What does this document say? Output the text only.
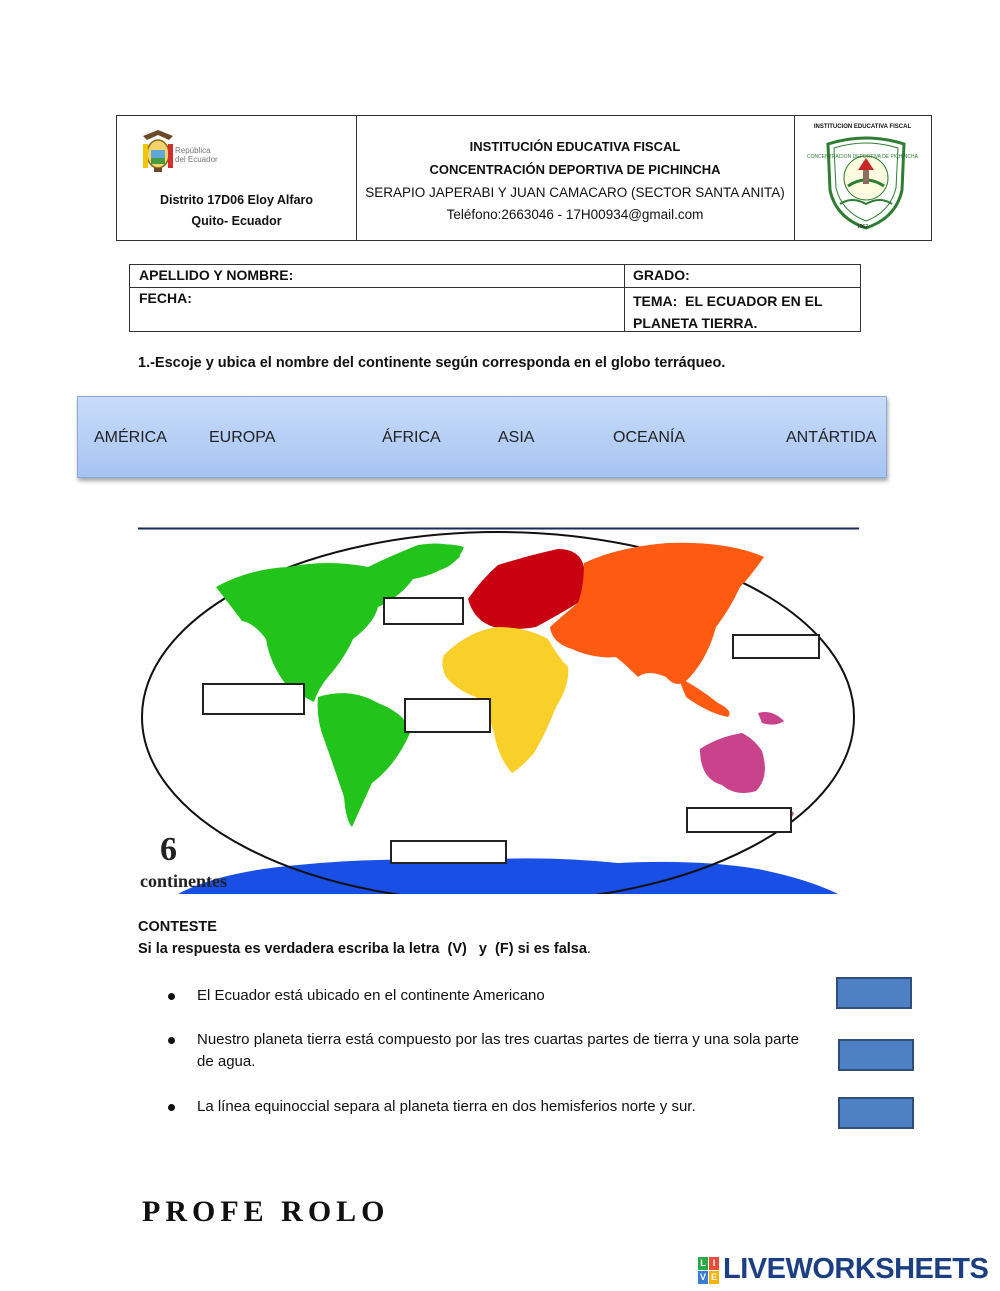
República
del Ecuador
Distrito 17D06 Eloy Alfaro
Quito- Ecuador
INSTITUCIÓN EDUCATIVA FISCAL
CONCENTRACIÓN DEPORTIVA DE PICHINCHA
SERAPIO JAPERABI Y JUAN CAMACARO (SECTOR SANTA ANITA)
Teléfono:2663046 - 17H00934@gmail.com
INSTITUCION EDUCATIVA FISCAL
CONCENTRACION DEPORTIVA DE PICHINCHA
1962
APELLIDO Y NOMBRE:	GRADO:
FECHA:	TEMA:  EL ECUADOR EN EL
PLANETA TIERRA.
1.-Escoje y ubica el nombre del continente según corresponda en el globo terráqueo.
AMÉRICA	EUROPA	ÁFRICA	ASIA	OCEANÍA	ANTÁRTIDA
6
continentes
CONTESTE
Si la respuesta es verdadera escriba la letra  (V)   y  (F) si es falsa.
El Ecuador está ubicado en el continente Americano
Nuestro planeta tierra está compuesto por las tres cuartas partes de tierra y una sola parte de agua.
La línea equinoccial separa al planeta tierra en dos hemisferios norte y sur.
PROFE ROLO
L I
V E LIVEWORKSHEETS
